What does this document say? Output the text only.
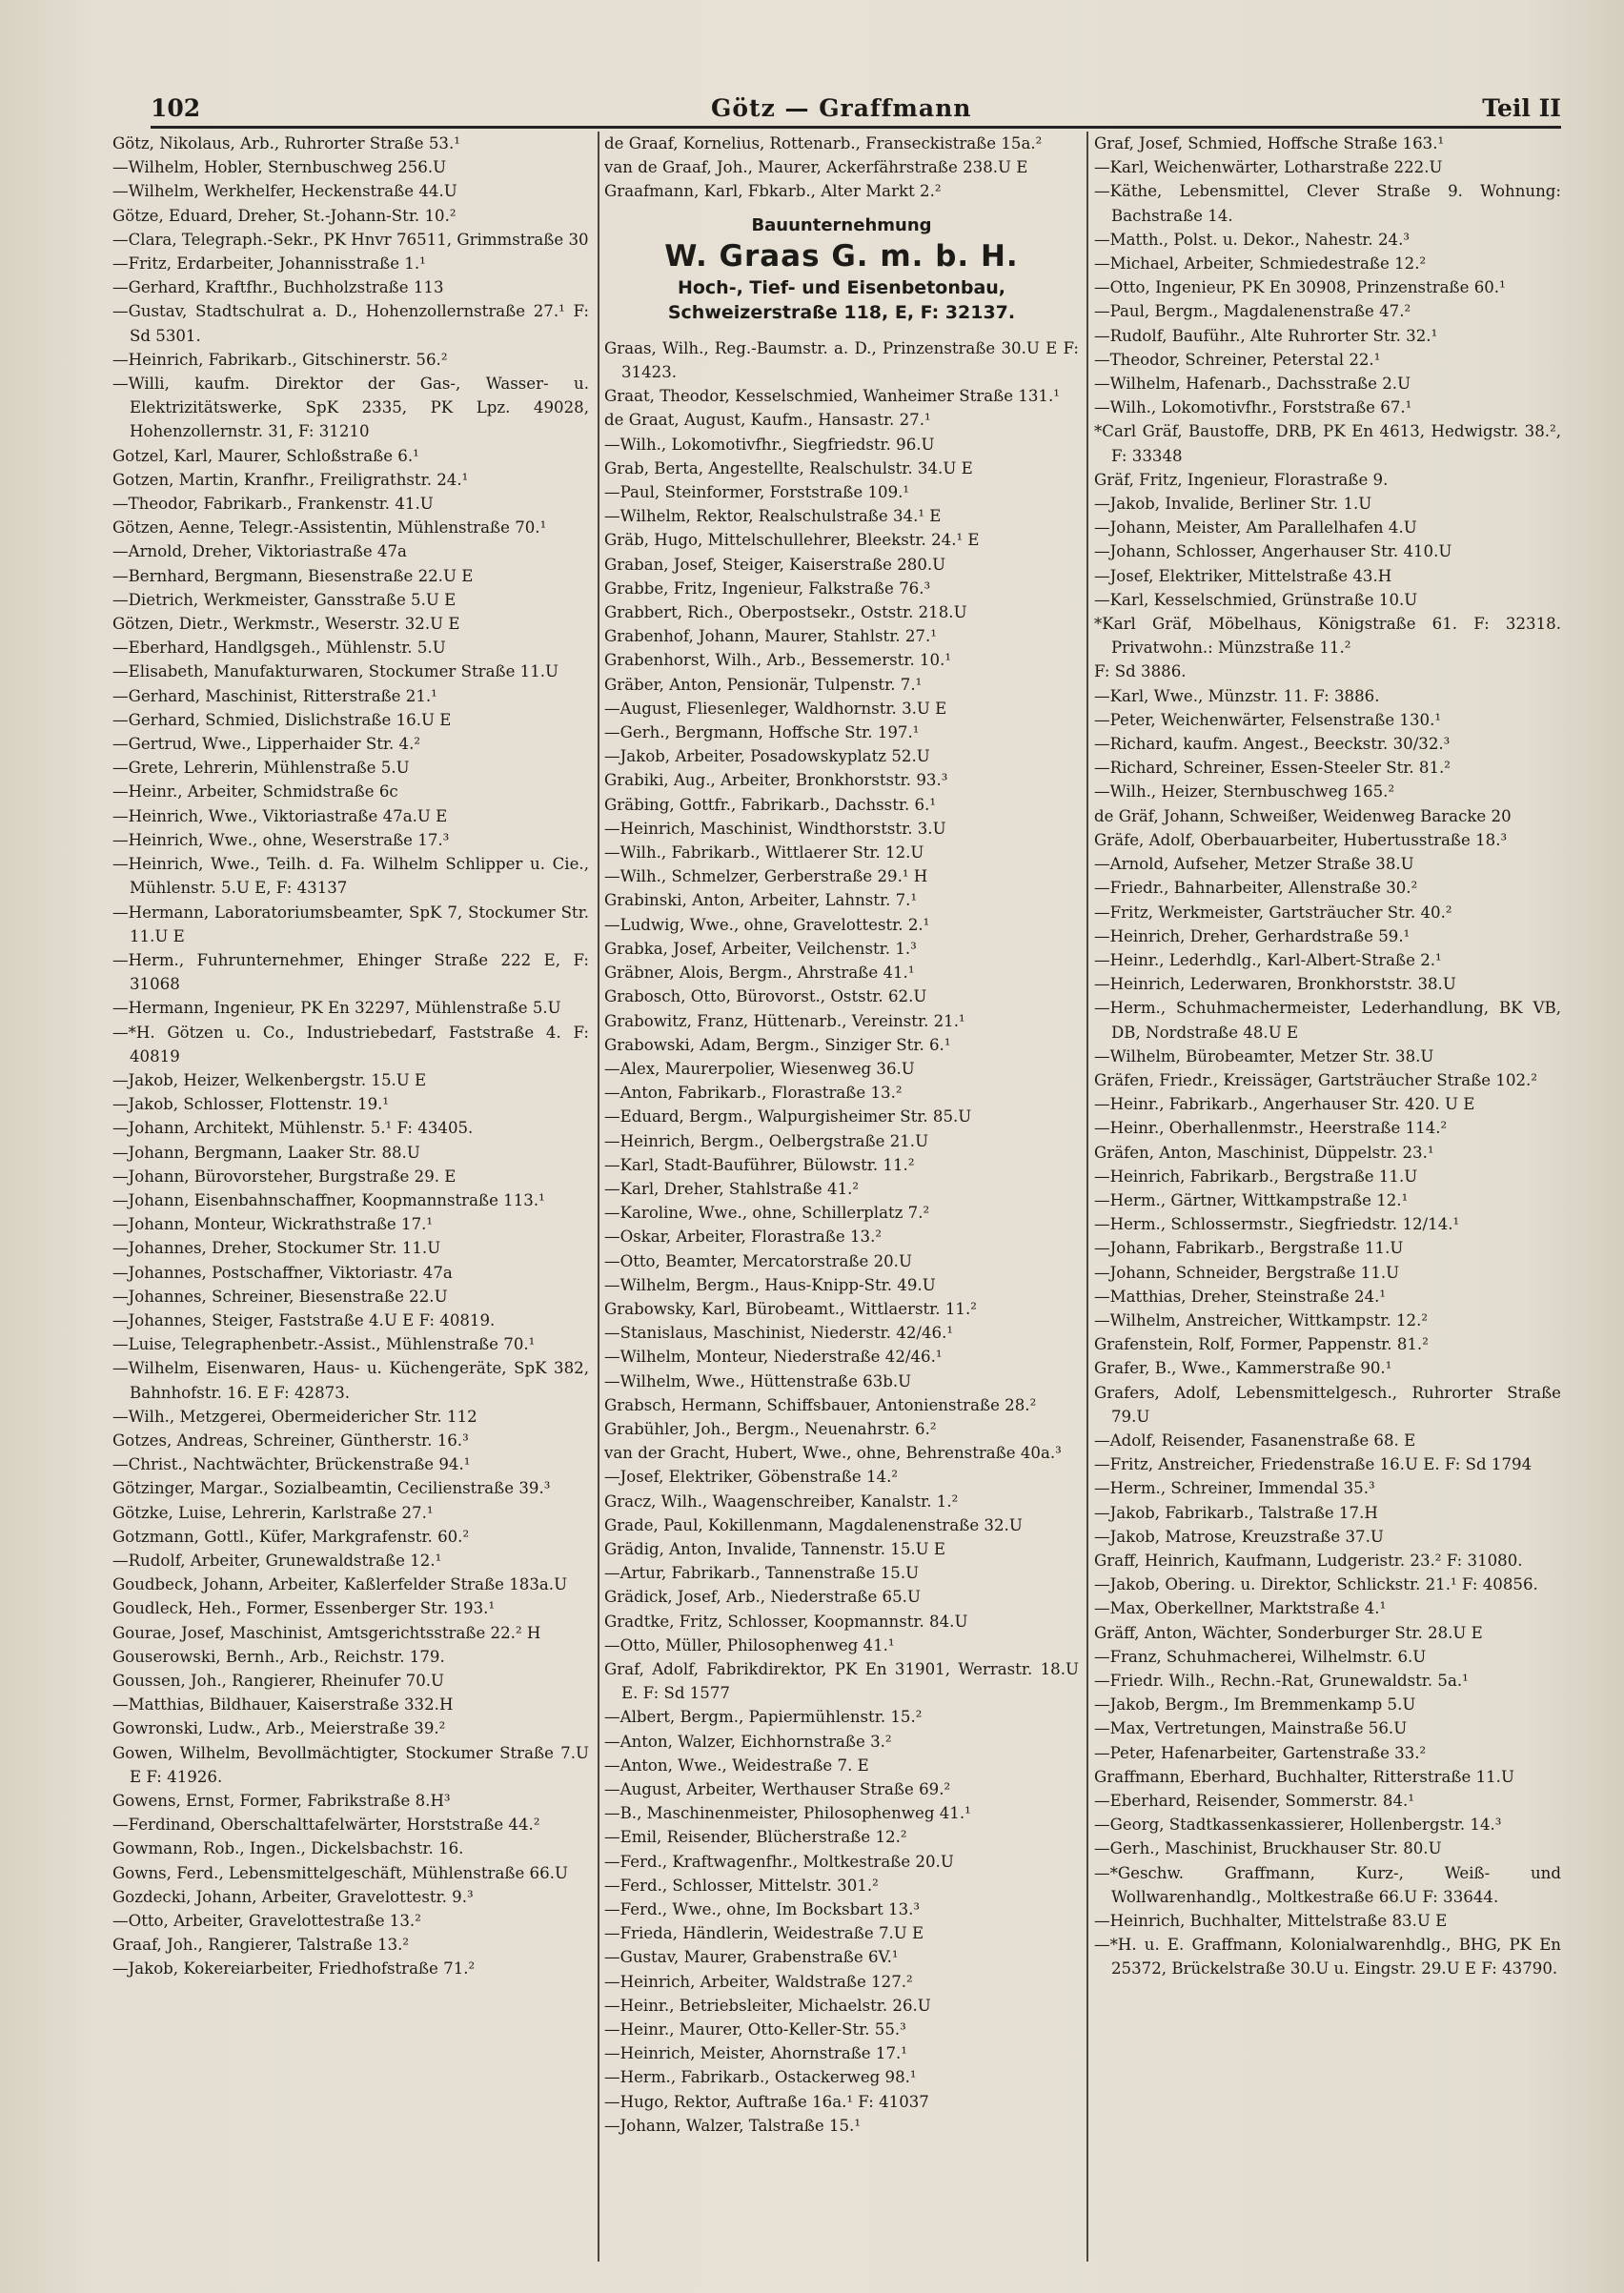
102	Götz — Graffmann	Teil II

Götz, Nikolaus, Arb., Ruhrorter Straße 53.¹

—Wilhelm, Hobler, Sternbuschweg 256.U

—Wilhelm, Werkhelfer, Heckenstraße 44.U

Götze, Eduard, Dreher, St.-Johann-Str. 10.²

—Clara, Telegraph.-Sekr., PK Hnvr 76511, Grimmstraße 30

—Fritz, Erdarbeiter, Johannisstraße 1.¹

—Gerhard, Kraftfhr., Buchholzstraße 113

—Gustav, Stadtschulrat a. D., Hohenzollernstraße 27.¹ F: Sd 5301.

—Heinrich, Fabrikarb., Gitschinerstr. 56.²

—Willi, kaufm. Direktor der Gas-, Wasser- u. Elektrizitätswerke, SpK 2335, PK Lpz. 49028, Hohenzollernstr. 31, F: 31210

Gotzel, Karl, Maurer, Schloßstraße 6.¹

Gotzen, Martin, Kranfhr., Freiligrathstr. 24.¹

—Theodor, Fabrikarb., Frankenstr. 41.U

Götzen, Aenne, Telegr.-Assistentin, Mühlenstraße 70.¹

—Arnold, Dreher, Viktoriastraße 47a

—Bernhard, Bergmann, Biesenstraße 22.U E

—Dietrich, Werkmeister, Gansstraße 5.U E

Götzen, Dietr., Werkmstr., Weserstr. 32.U E

—Eberhard, Handlgsgeh., Mühlenstr. 5.U

—Elisabeth, Manufakturwaren, Stockumer Straße 11.U

—Gerhard, Maschinist, Ritterstraße 21.¹

—Gerhard, Schmied, Dislichstraße 16.U E

—Gertrud, Wwe., Lipperhaider Str. 4.²

—Grete, Lehrerin, Mühlenstraße 5.U

—Heinr., Arbeiter, Schmidstraße 6c

—Heinrich, Wwe., Viktoriastraße 47a.U E

—Heinrich, Wwe., ohne, Weserstraße 17.³

—Heinrich, Wwe., Teilh. d. Fa. Wilhelm Schlipper u. Cie., Mühlenstr. 5.U E, F: 43137

—Hermann, Laboratoriumsbeamter, SpK 7, Stockumer Str. 11.U E

—Herm., Fuhrunternehmer, Ehinger Straße 222 E, F: 31068

—Hermann, Ingenieur, PK En 32297, Mühlenstraße 5.U

—*H. Götzen u. Co., Industriebedarf, Faststraße 4. F: 40819

—Jakob, Heizer, Welkenbergstr. 15.U E

—Jakob, Schlosser, Flottenstr. 19.¹

—Johann, Architekt, Mühlenstr. 5.¹ F: 43405.

—Johann, Bergmann, Laaker Str. 88.U

—Johann, Bürovorsteher, Burgstraße 29. E

—Johann, Eisenbahnschaffner, Koopmannstraße 113.¹

—Johann, Monteur, Wickrathstraße 17.¹

—Johannes, Dreher, Stockumer Str. 11.U

—Johannes, Postschaffner, Viktoriastr. 47a

—Johannes, Schreiner, Biesenstraße 22.U

—Johannes, Steiger, Faststraße 4.U E F: 40819.

—Luise, Telegraphenbetr.-Assist., Mühlenstraße 70.¹

—Wilhelm, Eisenwaren, Haus- u. Küchengeräte, SpK 382, Bahnhofstr. 16. E F: 42873.

—Wilh., Metzgerei, Obermeidericher Str. 112

Gotzes, Andreas, Schreiner, Güntherstr. 16.³

—Christ., Nachtwächter, Brückenstraße 94.¹

Götzinger, Margar., Sozialbeamtin, Cecilienstraße 39.³

Götzke, Luise, Lehrerin, Karlstraße 27.¹

Gotzmann, Gottl., Küfer, Markgrafenstr. 60.²

—Rudolf, Arbeiter, Grunewaldstraße 12.¹

Goudbeck, Johann, Arbeiter, Kaßlerfelder Straße 183a.U

Goudleck, Heh., Former, Essenberger Str. 193.¹

Gourae, Josef, Maschinist, Amtsgerichtsstraße 22.² H

Gouserowski, Bernh., Arb., Reichstr. 179.

Goussen, Joh., Rangierer, Rheinufer 70.U

—Matthias, Bildhauer, Kaiserstraße 332.H

Gowronski, Ludw., Arb., Meierstraße 39.²

Gowen, Wilhelm, Bevollmächtigter, Stockumer Straße 7.U E F: 41926.

Gowens, Ernst, Former, Fabrikstraße 8.H³

—Ferdinand, Oberschalttafelwärter, Horststraße 44.²

Gowmann, Rob., Ingen., Dickelsbachstr. 16.

Gowns, Ferd., Lebensmittelgeschäft, Mühlenstraße 66.U

Gozdecki, Johann, Arbeiter, Gravelottestr. 9.³

—Otto, Arbeiter, Gravelottestraße 13.²

Graaf, Joh., Rangierer, Talstraße 13.²

—Jakob, Kokereiarbeiter, Friedhofstraße 71.²

de Graaf, Kornelius, Rottenarb., Franseckistraße 15a.²

van de Graaf, Joh., Maurer, Ackerfährstraße 238.U E

Graafmann, Karl, Fbkarb., Alter Markt 2.²

Bauunternehmung
W. Graas G. m. b. H.
Hoch-, Tief- und Eisenbetonbau,
Schweizerstraße 118, E, F: 32137.

Graas, Wilh., Reg.-Baumstr. a. D., Prinzenstraße 30.U E F: 31423.

Graat, Theodor, Kesselschmied, Wanheimer Straße 131.¹

de Graat, August, Kaufm., Hansastr. 27.¹

—Wilh., Lokomotivfhr., Siegfriedstr. 96.U

Grab, Berta, Angestellte, Realschulstr. 34.U E

—Paul, Steinformer, Forststraße 109.¹

—Wilhelm, Rektor, Realschulstraße 34.¹ E

Gräb, Hugo, Mittelschullehrer, Bleekstr. 24.¹ E

Graban, Josef, Steiger, Kaiserstraße 280.U

Grabbe, Fritz, Ingenieur, Falkstraße 76.³

Grabbert, Rich., Oberpostsekr., Oststr. 218.U

Grabenhof, Johann, Maurer, Stahlstr. 27.¹

Grabenhorst, Wilh., Arb., Bessemerstr. 10.¹

Gräber, Anton, Pensionär, Tulpenstr. 7.¹

—August, Fliesenleger, Waldhornstr. 3.U E

—Gerh., Bergmann, Hoffsche Str. 197.¹

—Jakob, Arbeiter, Posadowskyplatz 52.U

Grabiki, Aug., Arbeiter, Bronkhorststr. 93.³

Gräbing, Gottfr., Fabrikarb., Dachsstr. 6.¹

—Heinrich, Maschinist, Windthorststr. 3.U

—Wilh., Fabrikarb., Wittlaerer Str. 12.U

—Wilh., Schmelzer, Gerberstraße 29.¹ H

Grabinski, Anton, Arbeiter, Lahnstr. 7.¹

—Ludwig, Wwe., ohne, Gravelottestr. 2.¹

Grabka, Josef, Arbeiter, Veilchenstr. 1.³

Gräbner, Alois, Bergm., Ahrstraße 41.¹

Grabosch, Otto, Bürovorst., Oststr. 62.U

Grabowitz, Franz, Hüttenarb., Vereinstr. 21.¹

Grabowski, Adam, Bergm., Sinziger Str. 6.¹

—Alex, Maurerpolier, Wiesenweg 36.U

—Anton, Fabrikarb., Florastraße 13.²

—Eduard, Bergm., Walpurgisheimer Str. 85.U

—Heinrich, Bergm., Oelbergstraße 21.U

—Karl, Stadt-Bauführer, Bülowstr. 11.²

—Karl, Dreher, Stahlstraße 41.²

—Karoline, Wwe., ohne, Schillerplatz 7.²

—Oskar, Arbeiter, Florastraße 13.²

—Otto, Beamter, Mercatorstraße 20.U

—Wilhelm, Bergm., Haus-Knipp-Str. 49.U

Grabowsky, Karl, Bürobeamt., Wittlaerstr. 11.²

—Stanislaus, Maschinist, Niederstr. 42/46.¹

—Wilhelm, Monteur, Niederstraße 42/46.¹

—Wilhelm, Wwe., Hüttenstraße 63b.U

Grabsch, Hermann, Schiffsbauer, Antonienstraße 28.²

Grabühler, Joh., Bergm., Neuenahrstr. 6.²

van der Gracht, Hubert, Wwe., ohne, Behrenstraße 40a.³

—Josef, Elektriker, Göbenstraße 14.²

Gracz, Wilh., Waagenschreiber, Kanalstr. 1.²

Grade, Paul, Kokillenmann, Magdalenenstraße 32.U

Grädig, Anton, Invalide, Tannenstr. 15.U E

—Artur, Fabrikarb., Tannenstraße 15.U

Grädick, Josef, Arb., Niederstraße 65.U

Gradtke, Fritz, Schlosser, Koopmannstr. 84.U

—Otto, Müller, Philosophenweg 41.¹

Graf, Adolf, Fabrikdirektor, PK En 31901, Werrastr. 18.U E. F: Sd 1577

—Albert, Bergm., Papiermühlenstr. 15.²

—Anton, Walzer, Eichhornstraße 3.²

—Anton, Wwe., Weidestraße 7. E

—August, Arbeiter, Werthauser Straße 69.²

—B., Maschinenmeister, Philosophenweg 41.¹

—Emil, Reisender, Blücherstraße 12.²

—Ferd., Kraftwagenfhr., Moltkestraße 20.U

—Ferd., Schlosser, Mittelstr. 301.²

—Ferd., Wwe., ohne, Im Bocksbart 13.³

—Frieda, Händlerin, Weidestraße 7.U E

—Gustav, Maurer, Grabenstraße 6V.¹

—Heinrich, Arbeiter, Waldstraße 127.²

—Heinr., Betriebsleiter, Michaelstr. 26.U

—Heinr., Maurer, Otto-Keller-Str. 55.³

—Heinrich, Meister, Ahornstraße 17.¹

—Herm., Fabrikarb., Ostackerweg 98.¹

—Hugo, Rektor, Auftraße 16a.¹ F: 41037

—Johann, Walzer, Talstraße 15.¹

Graf, Josef, Schmied, Hoffsche Straße 163.¹

—Karl, Weichenwärter, Lotharstraße 222.U

—Käthe, Lebensmittel, Clever Straße 9. Wohnung: Bachstraße 14.

—Matth., Polst. u. Dekor., Nahestr. 24.³

—Michael, Arbeiter, Schmiedestraße 12.²

—Otto, Ingenieur, PK En 30908, Prinzenstraße 60.¹

—Paul, Bergm., Magdalenenstraße 47.²

—Rudolf, Bauführ., Alte Ruhrorter Str. 32.¹

—Theodor, Schreiner, Peterstal 22.¹

—Wilhelm, Hafenarb., Dachsstraße 2.U

—Wilh., Lokomotivfhr., Forststraße 67.¹

*Carl Gräf, Baustoffe, DRB, PK En 4613, Hedwigstr. 38.², F: 33348

Gräf, Fritz, Ingenieur, Florastraße 9.

—Jakob, Invalide, Berliner Str. 1.U

—Johann, Meister, Am Parallelhafen 4.U

—Johann, Schlosser, Angerhauser Str. 410.U

—Josef, Elektriker, Mittelstraße 43.H

—Karl, Kesselschmied, Grünstraße 10.U

*Karl Gräf, Möbelhaus, Königstraße 61. F: 32318. Privatwohn.: Münzstraße 11.²

F: Sd 3886.

—Karl, Wwe., Münzstr. 11. F: 3886.

—Peter, Weichenwärter, Felsenstraße 130.¹

—Richard, kaufm. Angest., Beeckstr. 30/32.³

—Richard, Schreiner, Essen-Steeler Str. 81.²

—Wilh., Heizer, Sternbuschweg 165.²

de Gräf, Johann, Schweißer, Weidenweg Baracke 20

Gräfe, Adolf, Oberbauarbeiter, Hubertusstraße 18.³

—Arnold, Aufseher, Metzer Straße 38.U

—Friedr., Bahnarbeiter, Allenstraße 30.²

—Fritz, Werkmeister, Gartsträucher Str. 40.²

—Heinrich, Dreher, Gerhardstraße 59.¹

—Heinr., Lederhdlg., Karl-Albert-Straße 2.¹

—Heinrich, Lederwaren, Bronkhorststr. 38.U

—Herm., Schuhmachermeister, Lederhandlung, BK VB, DB, Nordstraße 48.U E

—Wilhelm, Bürobeamter, Metzer Str. 38.U

Gräfen, Friedr., Kreissäger, Gartsträucher Straße 102.²

—Heinr., Fabrikarb., Angerhauser Str. 420. U E

—Heinr., Oberhallenmstr., Heerstraße 114.²

Gräfen, Anton, Maschinist, Düppelstr. 23.¹

—Heinrich, Fabrikarb., Bergstraße 11.U

—Herm., Gärtner, Wittkampstraße 12.¹

—Herm., Schlossermstr., Siegfriedstr. 12/14.¹

—Johann, Fabrikarb., Bergstraße 11.U

—Johann, Schneider, Bergstraße 11.U

—Matthias, Dreher, Steinstraße 24.¹

—Wilhelm, Anstreicher, Wittkampstr. 12.²

Grafenstein, Rolf, Former, Pappenstr. 81.²

Grafer, B., Wwe., Kammerstraße 90.¹

Grafers, Adolf, Lebensmittelgesch., Ruhrorter Straße 79.U

—Adolf, Reisender, Fasanenstraße 68. E

—Fritz, Anstreicher, Friedenstraße 16.U E. F: Sd 1794

—Herm., Schreiner, Immendal 35.³

—Jakob, Fabrikarb., Talstraße 17.H

—Jakob, Matrose, Kreuzstraße 37.U

Graff, Heinrich, Kaufmann, Ludgeristr. 23.² F: 31080.

—Jakob, Obering. u. Direktor, Schlickstr. 21.¹ F: 40856.

—Max, Oberkellner, Marktstraße 4.¹

Gräff, Anton, Wächter, Sonderburger Str. 28.U E

—Franz, Schuhmacherei, Wilhelmstr. 6.U

—Friedr. Wilh., Rechn.-Rat, Grunewaldstr. 5a.¹

—Jakob, Bergm., Im Bremmenkamp 5.U

—Max, Vertretungen, Mainstraße 56.U

—Peter, Hafenarbeiter, Gartenstraße 33.²

Graffmann, Eberhard, Buchhalter, Ritterstraße 11.U

—Eberhard, Reisender, Sommerstr. 84.¹

—Georg, Stadtkassenkassierer, Hollenbergstr. 14.³

—Gerh., Maschinist, Bruckhauser Str. 80.U

—*Geschw. Graffmann, Kurz-, Weiß- und Wollwarenhandlg., Moltkestraße 66.U F: 33644.

—Heinrich, Buchhalter, Mittelstraße 83.U E

—*H. u. E. Graffmann, Kolonialwarenhdlg., BHG, PK En 25372, Brückelstraße 30.U u. Eingstr. 29.U E F: 43790.
